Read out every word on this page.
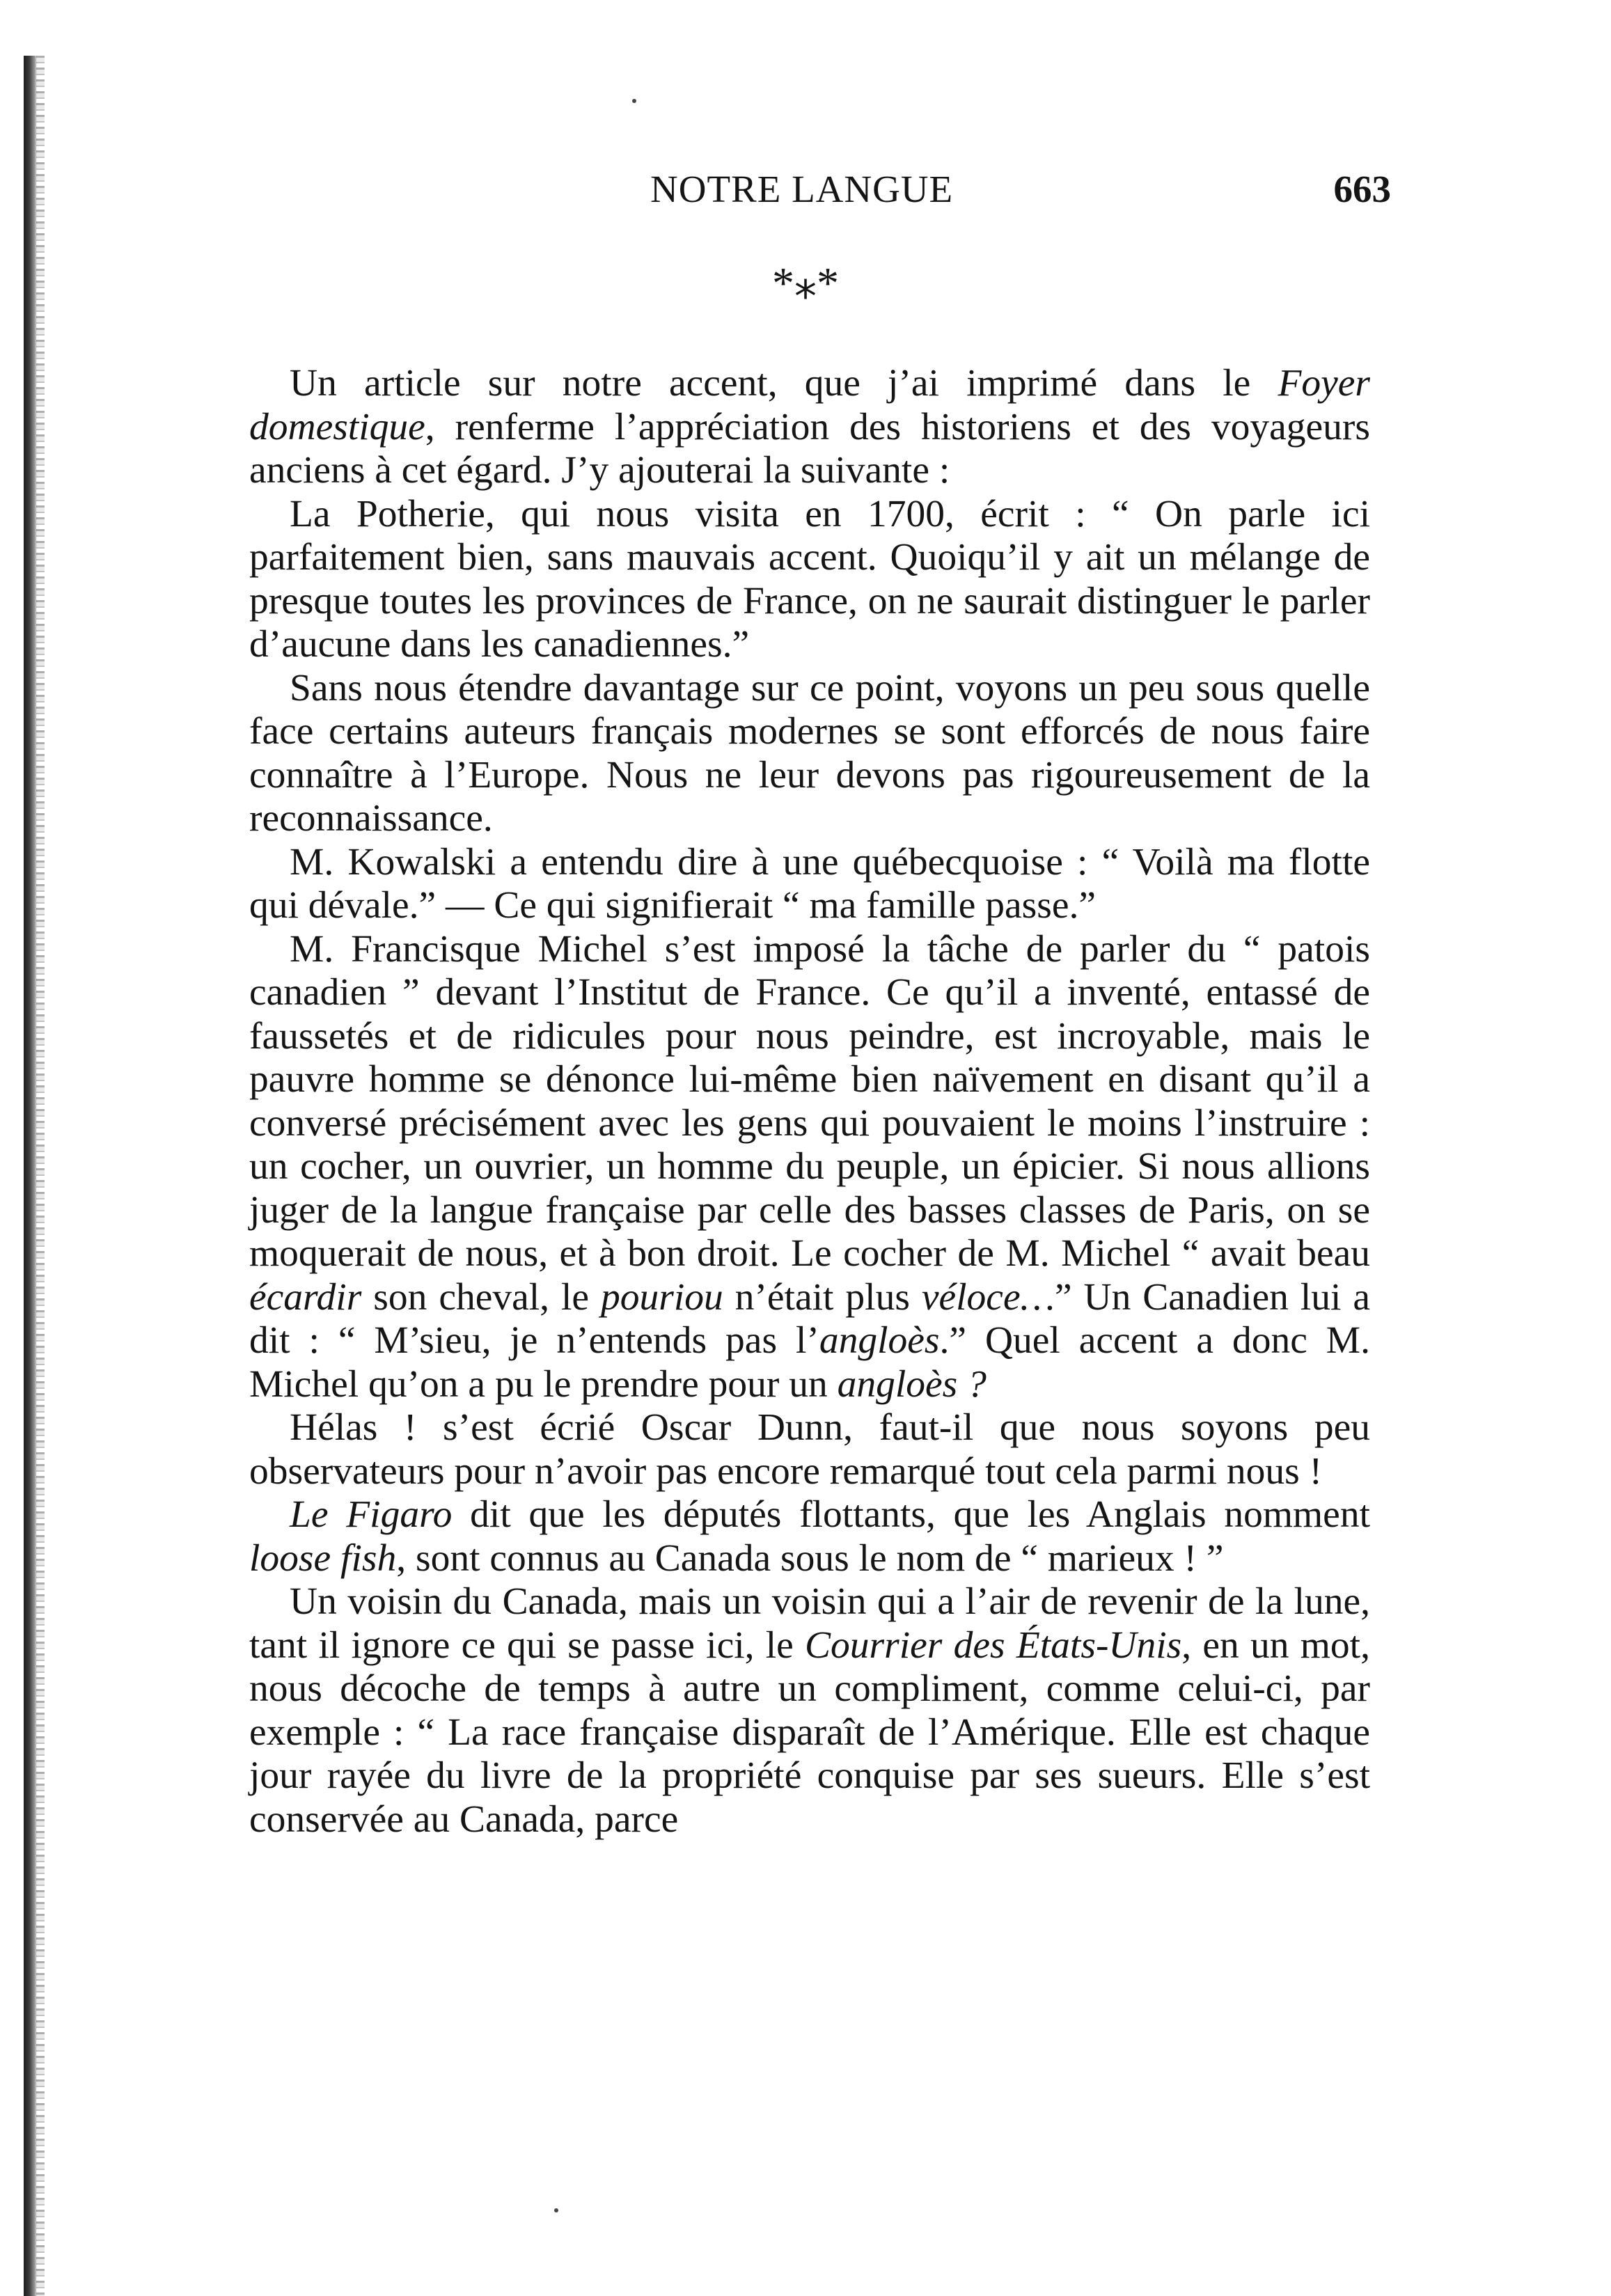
NOTRE LANGUE	663
*⁎*

Un article sur notre accent, que j’ai imprimé dans le Foyer domestique, renferme l’appréciation des historiens et des voyageurs anciens à cet égard. J’y ajouterai la suivante :

La Potherie, qui nous visita en 1700, écrit : “ On parle ici parfaitement bien, sans mauvais accent. Quoiqu’il y ait un mélange de presque toutes les provinces de France, on ne saurait distinguer le parler d’aucune dans les canadiennes.”

Sans nous étendre davantage sur ce point, voyons un peu sous quelle face certains auteurs français modernes se sont efforcés de nous faire connaître à l’Europe. Nous ne leur devons pas rigoureusement de la reconnaissance.

M. Kowalski a entendu dire à une québecquoise : “ Voilà ma flotte qui dévale.” — Ce qui signifierait “ ma famille passe.”

M. Francisque Michel s’est imposé la tâche de parler du “ patois canadien ” devant l’Institut de France. Ce qu’il a inventé, entassé de faussetés et de ridicules pour nous peindre, est incroyable, mais le pauvre homme se dénonce lui-même bien naïvement en disant qu’il a conversé précisément avec les gens qui pouvaient le moins l’instruire : un cocher, un ouvrier, un homme du peuple, un épicier. Si nous allions juger de la langue française par celle des basses classes de Paris, on se moquerait de nous, et à bon droit. Le cocher de M. Michel “ avait beau écardir son cheval, le pouriou n’était plus véloce…” Un Canadien lui a dit : “ M’sieu, je n’entends pas l’angloès.” Quel accent a donc M. Michel qu’on a pu le prendre pour un angloès ?

Hélas ! s’est écrié Oscar Dunn, faut-il que nous soyons peu observateurs pour n’avoir pas encore remarqué tout cela parmi nous !

Le Figaro dit que les députés flottants, que les Anglais nomment loose fish, sont connus au Canada sous le nom de “ marieux ! ”

Un voisin du Canada, mais un voisin qui a l’air de revenir de la lune, tant il ignore ce qui se passe ici, le Courrier des États-Unis, en un mot, nous décoche de temps à autre un compliment, comme celui-ci, par exemple : “ La race française disparaît de l’Amérique. Elle est chaque jour rayée du livre de la propriété conquise par ses sueurs. Elle s’est conservée au Canada, parce
